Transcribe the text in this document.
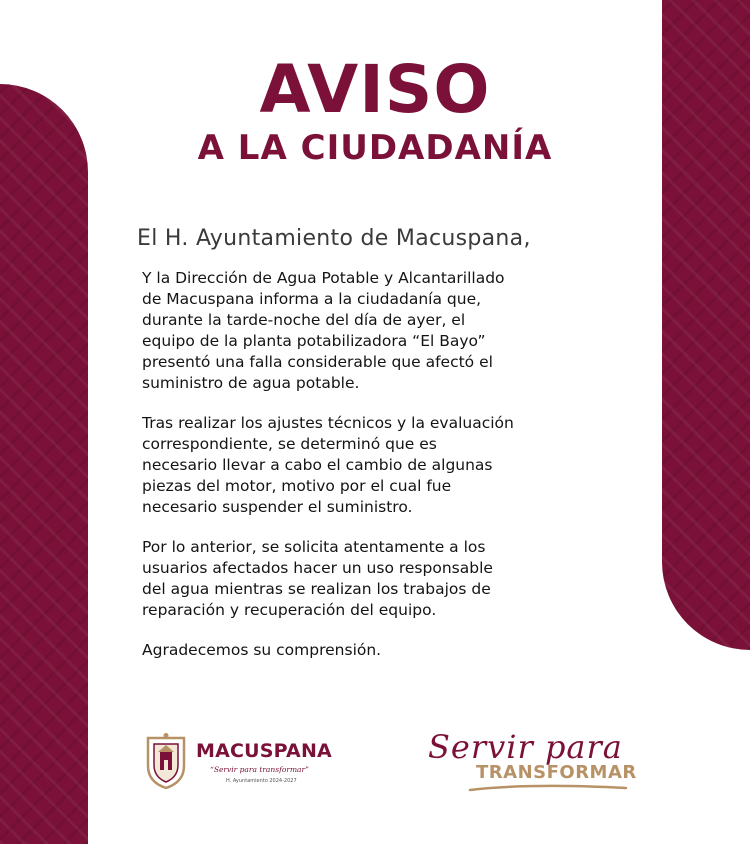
AVISO
A LA CIUDADANÍA

El H. Ayuntamiento de Macuspana,

Y la Dirección de Agua Potable y Alcantarillado
de Macuspana informa a la ciudadanía que,
durante la tarde-noche del día de ayer, el
equipo de la planta potabilizadora “El Bayo”
presentó una falla considerable que afectó el
suministro de agua potable.

Tras realizar los ajustes técnicos y la evaluación
correspondiente, se determinó que es
necesario llevar a cabo el cambio de algunas
piezas del motor, motivo por el cual fue
necesario suspender el suministro.

Por lo anterior, se solicita atentamente a los
usuarios afectados hacer un uso responsable
del agua mientras se realizan los trabajos de
reparación y recuperación del equipo.

Agradecemos su comprensión.

MACUSPANA

“Servir para transformar”

H. Ayuntamiento 2024-2027

Servir para

TRANSFORMAR
